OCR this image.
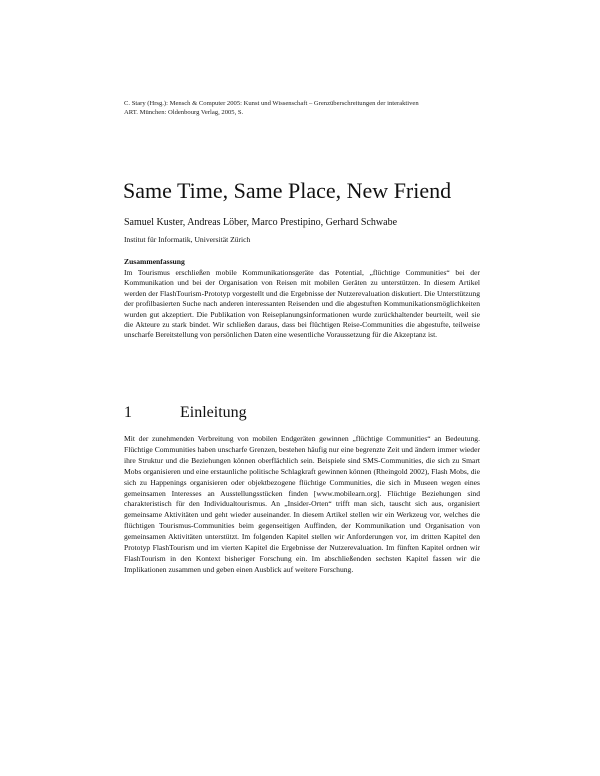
C. Stary (Hrsg.): Mensch & Computer 2005: Kunst und Wissenschaft – Grenzüberschreitungen der interaktiven
ART. München: Oldenbourg Verlag, 2005, S.
Same Time, Same Place, New Friend
Samuel Kuster, Andreas Löber, Marco Prestipino, Gerhard Schwabe
Institut für Informatik, Universität Zürich
Zusammenfassung

Im Tourismus erschließen mobile Kommunikationsgeräte das Potential, „flüchtige Communities“ bei der Kommunikation und bei der Organisation von Reisen mit mobilen Geräten zu unterstützen. In diesem Artikel werden der FlashTourism-Prototyp vorgestellt und die Ergebnisse der Nutzerevaluation diskutiert. Die Unterstützung der profilbasierten Suche nach anderen interessanten Reisenden und die abgestuften Kommunikationsmöglichkeiten wurden gut akzeptiert. Die Publikation von Reiseplanungsinformationen wurde zurückhaltender beurteilt, weil sie die Akteure zu stark bindet. Wir schließen daraus, dass bei flüchtigen Reise-Communities die abgestufte, teilweise unscharfe Bereitstellung von persönlichen Daten eine wesentliche Voraussetzung für die Akzeptanz ist.

1	Einleitung

Mit der zunehmenden Verbreitung von mobilen Endgeräten gewinnen „flüchtige Communities“ an Bedeutung. Flüchtige Communities haben unscharfe Grenzen, bestehen häufig nur eine begrenzte Zeit und ändern immer wieder ihre Struktur und die Beziehungen können oberflächlich sein. Beispiele sind SMS-Communities, die sich zu Smart Mobs organisieren und eine erstaunliche politische Schlagkraft gewinnen können (Rheingold 2002), Flash Mobs, die sich zu Happenings organisieren oder objektbezogene flüchtige Communities, die sich in Museen wegen eines gemeinsamen Interesses an Ausstellungsstücken finden [www.mobilearn.org]. Flüchtige Beziehungen sind charakteristisch für den Individualtourismus. An „Insider-Orten“ trifft man sich, tauscht sich aus, organisiert gemeinsame Aktivitäten und geht wieder auseinander. In diesem Artikel stellen wir ein Werkzeug vor, welches die flüchtigen Tourismus-Communities beim gegenseitigen Auffinden, der Kommunikation und Organisation von gemeinsamen Aktivitäten unterstützt. Im folgenden Kapitel stellen wir Anforderungen vor, im dritten Kapitel den Prototyp FlashTourism und im vierten Kapitel die Ergebnisse der Nutzerevaluation. Im fünften Kapitel ordnen wir FlashTourism in den Kontext bisheriger Forschung ein. Im abschließenden sechsten Kapitel fassen wir die Implikationen zusammen und geben einen Ausblick auf weitere Forschung.
